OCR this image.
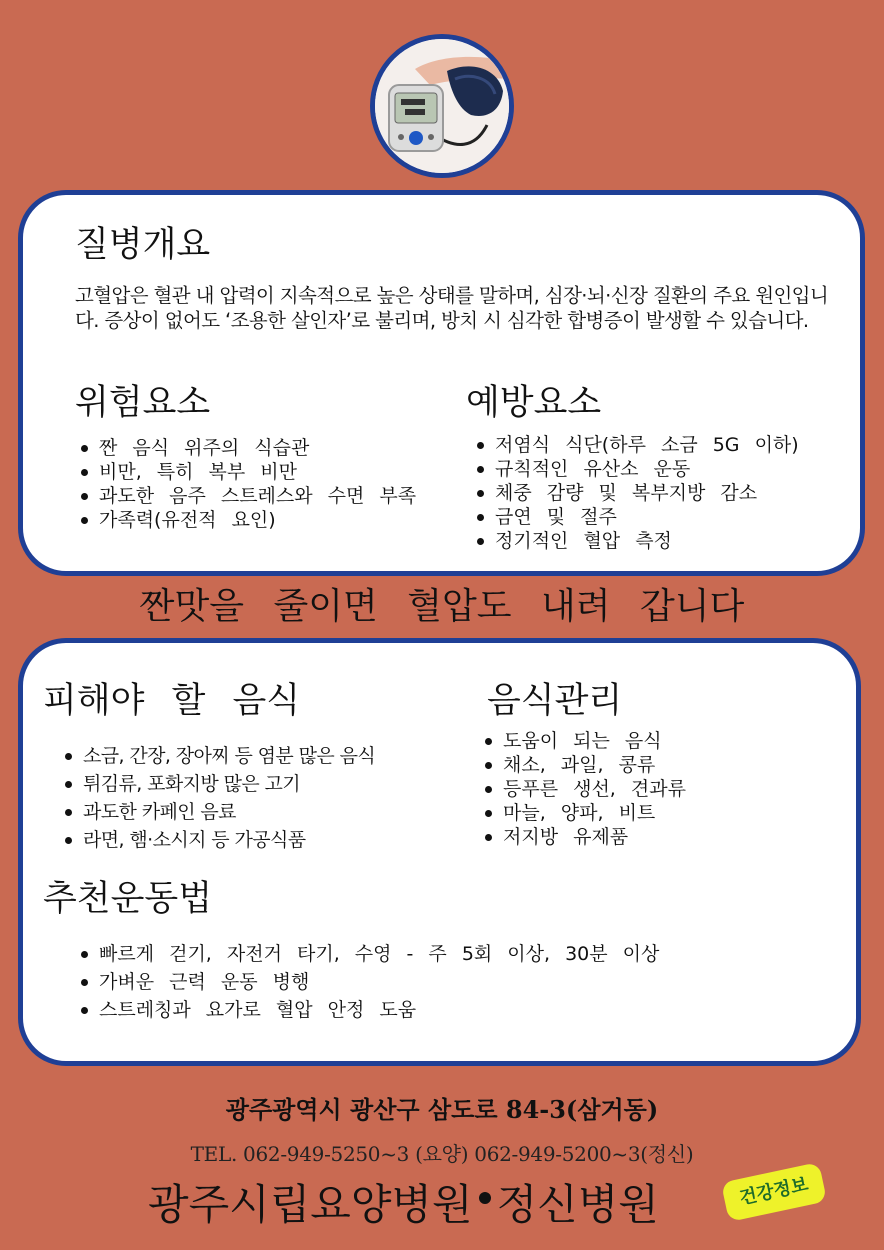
질병개요

고혈압은 혈관 내 압력이 지속적으로 높은 상태를 말하며, 심장·뇌·신장 질환의 주요 원인입니다. 증상이 없어도 ‘조용한 살인자’로 불리며, 방치 시 심각한 합병증이 발생할 수 있습니다.

위험요소
짠 음식 위주의 식습관
비만, 특히 복부 비만
과도한 음주 스트레스와 수면 부족
가족력(유전적 요인)
예방요소
저염식 식단(하루 소금 5G 이하)
규칙적인 유산소 운동
체중 감량 및 복부지방 감소
금연 및 절주
정기적인 혈압 측정

짠맛을 줄이면 혈압도 내려 갑니다

피해야 할 음식
소금, 간장, 장아찌 등 염분 많은 음식
튀김류, 포화지방 많은 고기
과도한 카페인 음료
라면, 햄·소시지 등 가공식품
음식관리
도움이 되는 음식
채소, 과일, 콩류
등푸른 생선, 견과류
마늘, 양파, 비트
저지방 유제품
추천운동법
빠르게 걷기, 자전거 타기, 수영 - 주 5회 이상, 30분 이상
가벼운 근력 운동 병행
스트레칭과 요가로 혈압 안정 도움

광주광역시 광산구 삼도로 84-3(삼거동)

TEL. 062-949-5250~3 (요양) 062-949-5200~3(정신)

광주시립요양병원 정신병원	건강정보
